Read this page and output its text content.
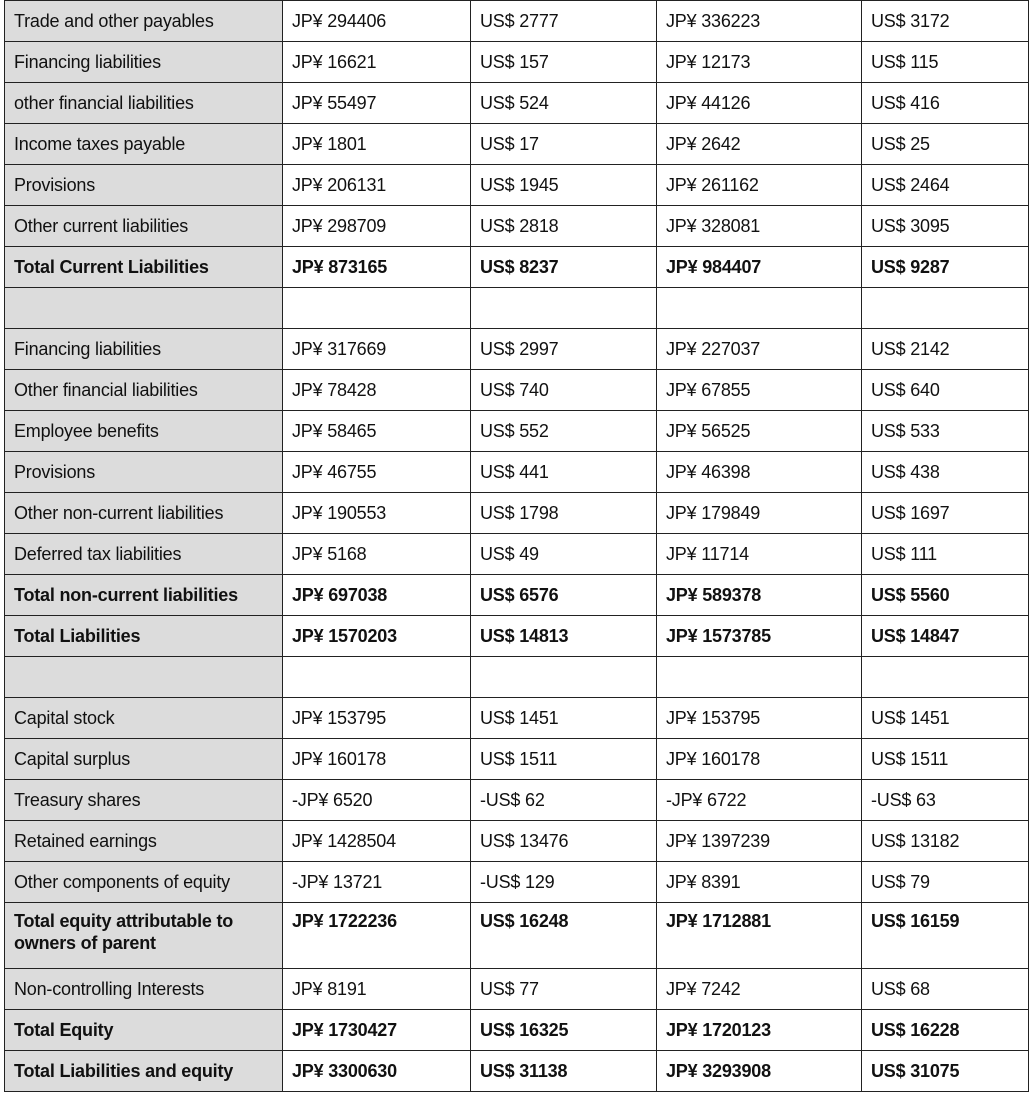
Trade and other payables	JP¥ 294406	US$ 2777	JP¥ 336223	US$ 3172
Financing liabilities	JP¥ 16621	US$ 157	JP¥ 12173	US$ 115
other financial liabilities	JP¥ 55497	US$ 524	JP¥ 44126	US$ 416
Income taxes payable	JP¥ 1801	US$ 17	JP¥ 2642	US$ 25
Provisions	JP¥ 206131	US$ 1945	JP¥ 261162	US$ 2464
Other current liabilities	JP¥ 298709	US$ 2818	JP¥ 328081	US$ 3095
Total Current Liabilities	JP¥ 873165	US$ 8237	JP¥ 984407	US$ 9287

Financing liabilities	JP¥ 317669	US$ 2997	JP¥ 227037	US$ 2142
Other financial liabilities	JP¥ 78428	US$ 740	JP¥ 67855	US$ 640
Employee benefits	JP¥ 58465	US$ 552	JP¥ 56525	US$ 533
Provisions	JP¥ 46755	US$ 441	JP¥ 46398	US$ 438
Other non-current liabilities	JP¥ 190553	US$ 1798	JP¥ 179849	US$ 1697
Deferred tax liabilities	JP¥ 5168	US$ 49	JP¥ 11714	US$ 111
Total non-current liabilities	JP¥ 697038	US$ 6576	JP¥ 589378	US$ 5560
Total Liabilities	JP¥ 1570203	US$ 14813	JP¥ 1573785	US$ 14847

Capital stock	JP¥ 153795	US$ 1451	JP¥ 153795	US$ 1451
Capital surplus	JP¥ 160178	US$ 1511	JP¥ 160178	US$ 1511
Treasury shares	-JP¥ 6520	-US$ 62	-JP¥ 6722	-US$ 63
Retained earnings	JP¥ 1428504	US$ 13476	JP¥ 1397239	US$ 13182
Other components of equity	-JP¥ 13721	-US$ 129	JP¥ 8391	US$ 79
Total equity attributable to owners of parent	JP¥ 1722236	US$ 16248	JP¥ 1712881	US$ 16159
Non-controlling Interests	JP¥ 8191	US$ 77	JP¥ 7242	US$ 68
Total Equity	JP¥ 1730427	US$ 16325	JP¥ 1720123	US$ 16228
Total Liabilities and equity	JP¥ 3300630	US$ 31138	JP¥ 3293908	US$ 31075
